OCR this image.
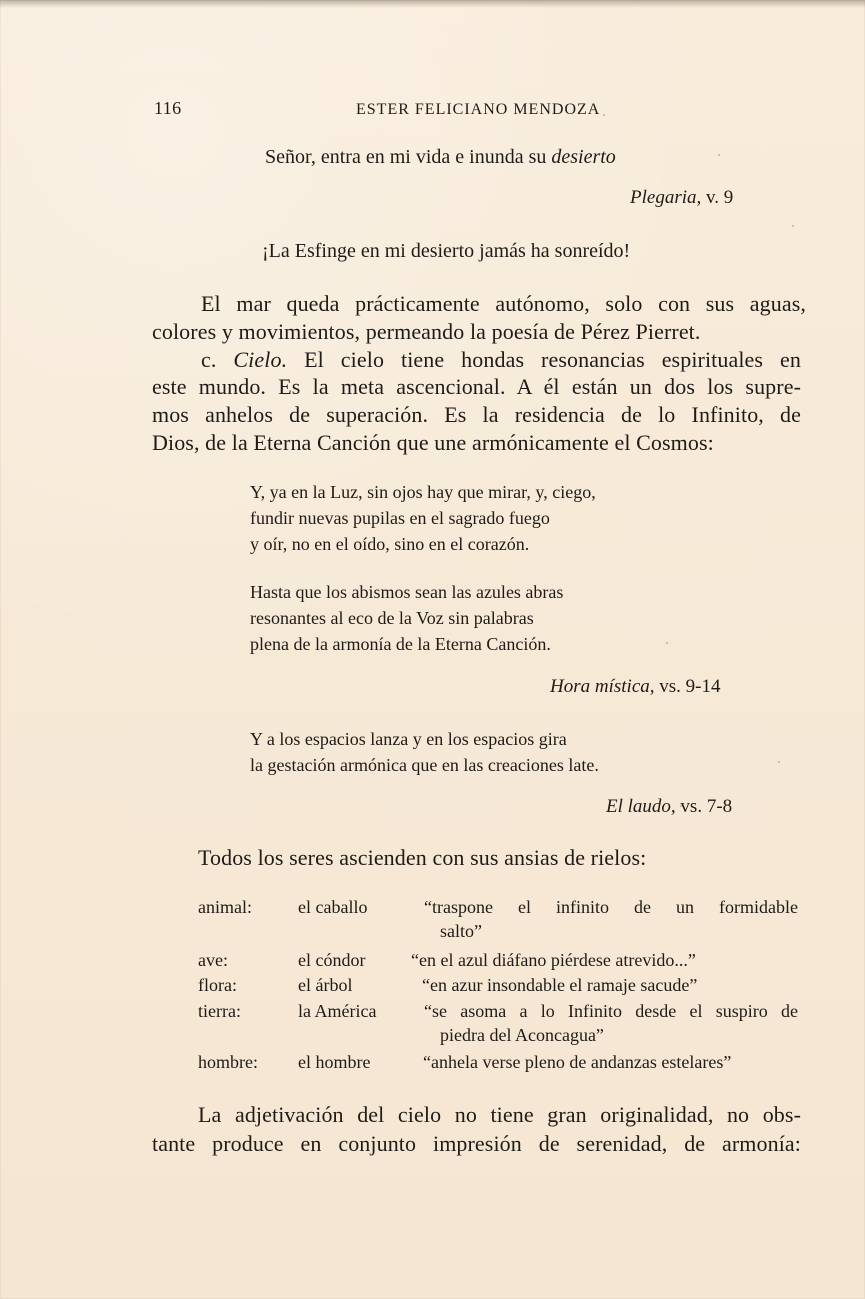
116	ESTER FELICIANO MENDOZA
Señor, entra en mi vida e inunda su desierto
Plegaria, v. 9
¡La Esfinge en mi desierto jamás ha sonreído!
El mar queda prácticamente autónomo, solo con sus aguas,
colores y movimientos, permeando la poesía de Pérez Pierret.
c. Cielo. El cielo tiene hondas resonancias espirituales en
este mundo. Es la meta ascencional. A él están un dos los supre-
mos anhelos de superación. Es la residencia de lo Infinito, de
Dios, de la Eterna Canción que une armónicamente el Cosmos:
Y, ya en la Luz, sin ojos hay que mirar, y, ciego,
fundir nuevas pupilas en el sagrado fuego
y oír, no en el oído, sino en el corazón.
Hasta que los abismos sean las azules abras
resonantes al eco de la Voz sin palabras
plena de la armonía de la Eterna Canción.
Hora mística, vs. 9-14
Y a los espacios lanza y en los espacios gira
la gestación armónica que en las creaciones late.
El laudo, vs. 7-8
Todos los seres ascienden con sus ansias de rielos:
animal:	el caballo	“traspone el infinito de un formidable
salto”
ave:	el cóndor	“en el azul diáfano piérdese atrevido...”
flora:	el árbol	“en azur insondable el ramaje sacude”
tierra:	la América	“se asoma a lo Infinito desde el suspiro de
piedra del Aconcagua”
hombre: el hombre	“anhela verse pleno de andanzas estelares”
La adjetivación del cielo no tiene gran originalidad, no obs-
tante produce en conjunto impresión de serenidad, de armonía:
